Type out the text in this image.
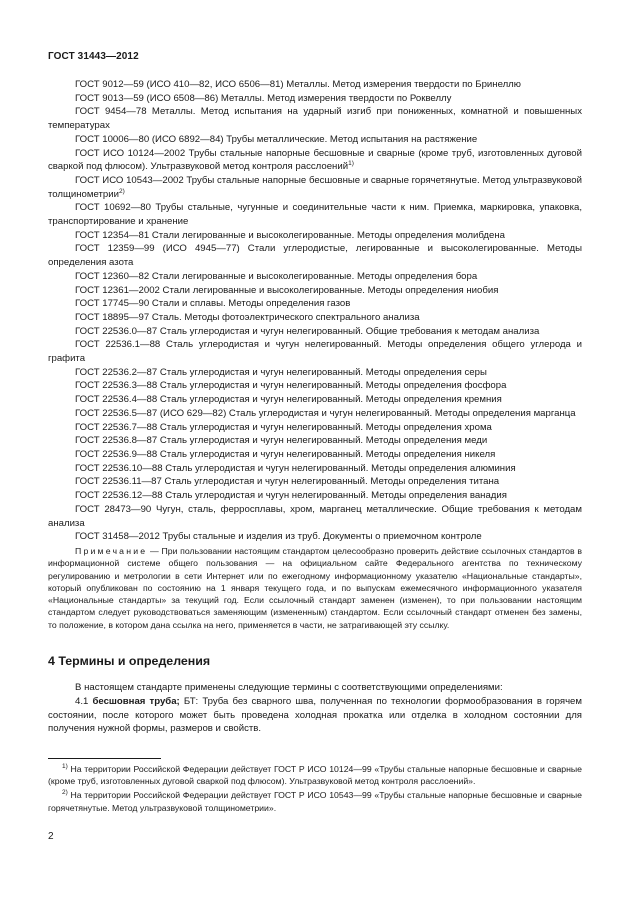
ГОСТ 31443—2012

ГОСТ 9012—59 (ИСО 410—82, ИСО 6506—81) Металлы. Метод измерения твердости по Бринеллю

ГОСТ 9013—59 (ИСО 6508—86) Металлы. Метод измерения твердости по Роквеллу

ГОСТ 9454—78 Металлы. Метод испытания на ударный изгиб при пониженных, комнатной и повышенных температурах

ГОСТ 10006—80 (ИСО 6892—84) Трубы металлические. Метод испытания на растяжение

ГОСТ ИСО 10124—2002 Трубы стальные напорные бесшовные и сварные (кроме труб, изготовленных дуговой сваркой под флюсом). Ультразвуковой метод контроля расслоений$^{1)}$

ГОСТ ИСО 10543—2002 Трубы стальные напорные бесшовные и сварные горячетянутые. Метод ультразвуковой толщинометрии$^{2)}$

ГОСТ 10692—80 Трубы стальные, чугунные и соединительные части к ним. Приемка, маркировка, упаковка, транспортирование и хранение

ГОСТ 12354—81 Стали легированные и высоколегированные. Методы определения молибдена

ГОСТ 12359—99 (ИСО 4945—77) Стали углеродистые, легированные и высоколегированные. Методы определения азота

ГОСТ 12360—82 Стали легированные и высоколегированные. Методы определения бора

ГОСТ 12361—2002 Стали легированные и высоколегированные. Методы определения ниобия

ГОСТ 17745—90 Стали и сплавы. Методы определения газов

ГОСТ 18895—97 Сталь. Методы фотоэлектрического спектрального анализа

ГОСТ 22536.0—87 Сталь углеродистая и чугун нелегированный. Общие требования к методам анализа

ГОСТ 22536.1—88 Сталь углеродистая и чугун нелегированный. Методы определения общего углерода и графита

ГОСТ 22536.2—87 Сталь углеродистая и чугун нелегированный. Методы определения серы

ГОСТ 22536.3—88 Сталь углеродистая и чугун нелегированный. Методы определения фосфора

ГОСТ 22536.4—88 Сталь углеродистая и чугун нелегированный. Методы определения кремния

ГОСТ 22536.5—87 (ИСО 629—82) Сталь углеродистая и чугун нелегированный. Методы определения марганца

ГОСТ 22536.7—88 Сталь углеродистая и чугун нелегированный. Методы определения хрома

ГОСТ 22536.8—87 Сталь углеродистая и чугун нелегированный. Методы определения меди

ГОСТ 22536.9—88 Сталь углеродистая и чугун нелегированный. Методы определения никеля

ГОСТ 22536.10—88 Сталь углеродистая и чугун нелегированный. Методы определения алюминия

ГОСТ 22536.11—87 Сталь углеродистая и чугун нелегированный. Методы определения титана

ГОСТ 22536.12—88 Сталь углеродистая и чугун нелегированный. Методы определения ванадия

ГОСТ 28473—90 Чугун, сталь, ферросплавы, хром, марганец металлические. Общие требования к методам анализа

ГОСТ 31458—2012 Трубы стальные и изделия из труб. Документы о приемочном контроле

Примечание — При пользовании настоящим стандартом целесообразно проверить действие ссылочных стандартов в информационной системе общего пользования — на официальном сайте Федерального агентства по техническому регулированию и метрологии в сети Интернет или по ежегодному информационному указателю «Национальные стандарты», который опубликован по состоянию на 1 января текущего года, и по выпускам ежемесячного информационного указателя «Национальные стандарты» за текущий год. Если ссылочный стандарт заменен (изменен), то при пользовании настоящим стандартом следует руководствоваться заменяющим (измененным) стандартом. Если ссылочный стандарт отменен без замены, то положение, в котором дана ссылка на него, применяется в части, не затрагивающей эту ссылку.

4 Термины и определения

В настоящем стандарте применены следующие термины с соответствующими определениями:

4.1 бесшовная труба; БТ: Труба без сварного шва, полученная по технологии формообразования в горячем состоянии, после которого может быть проведена холодная прокатка или отделка в холодном состоянии для получения нужной формы, размеров и свойств.

$^{1)}$ На территории Российской Федерации действует ГОСТ Р ИСО 10124—99 «Трубы стальные напорные бесшовные и сварные (кроме труб, изготовленных дуговой сваркой под флюсом). Ультразвуковой метод контроля расслоений».

$^{2)}$ На территории Российской Федерации действует ГОСТ Р ИСО 10543—99 «Трубы стальные напорные бесшовные и сварные горячетянутые. Метод ультразвуковой толщинометрии».

2
